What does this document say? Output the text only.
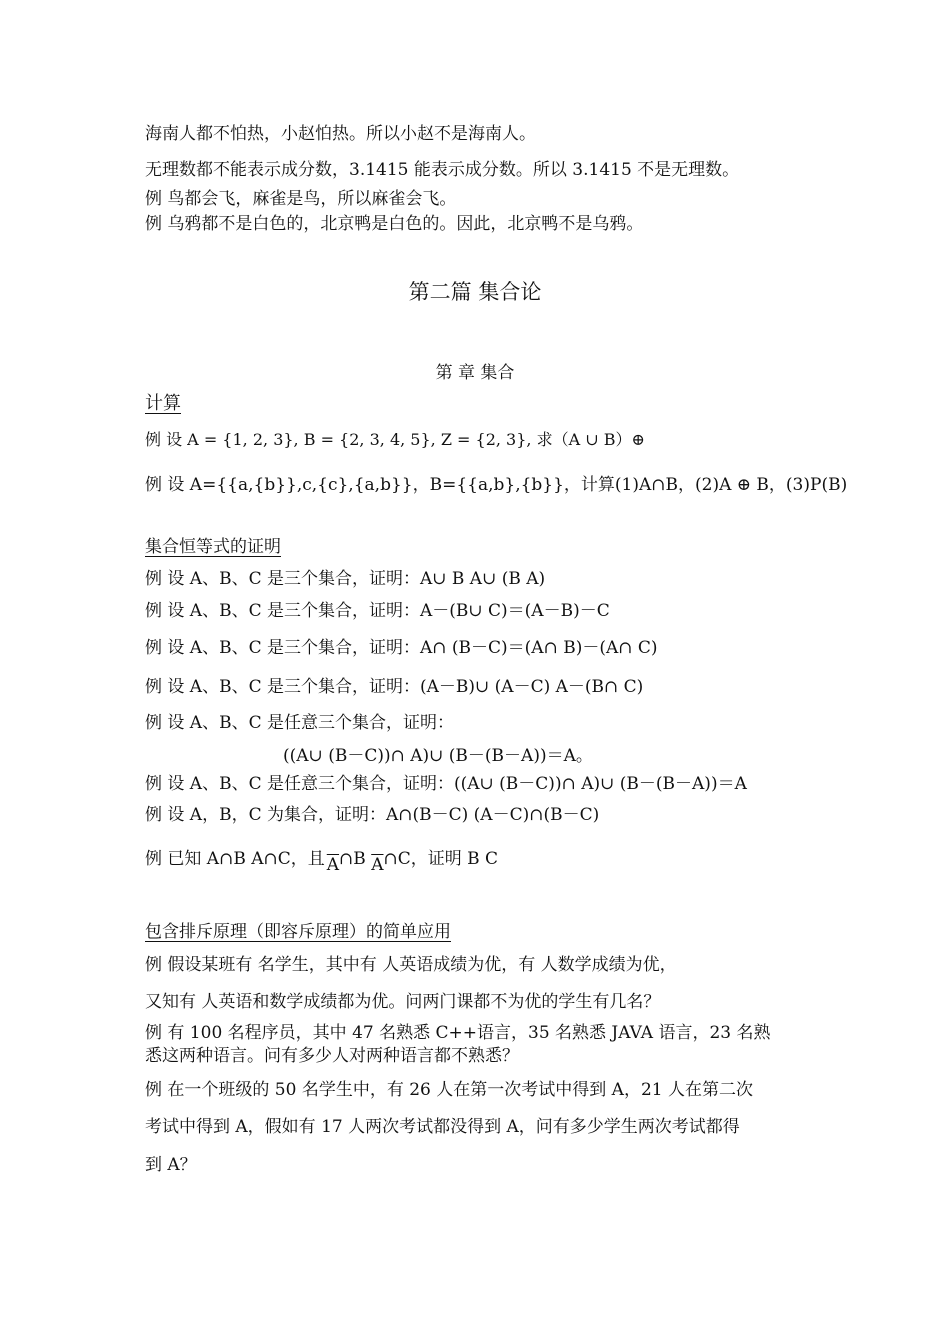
海南人都不怕热，小赵怕热。所以小赵不是海南人。
无理数都不能表示成分数，3.1415 能表示成分数。所以 3.1415 不是无理数。
例 鸟都会飞，麻雀是鸟，所以麻雀会飞。
例 乌鸦都不是白色的，北京鸭是白色的。因此，北京鸭不是乌鸦。
第二篇 集合论
第 章 集合
计算
例 设 A = {1, 2, 3}, B = {2, 3, 4, 5}, Z = {2, 3}, 求（A ∪ B）⊕
例 设 A={{a,{b}},c,{c},{a,b}}，B={{a,b},{b}}，计算(1)A∩B，(2)A ⊕ B，(3)P(B)
集合恒等式的证明
例 设 A、B、C 是三个集合，证明：A∪ B A∪ (B A)
例 设 A、B、C 是三个集合，证明：A－(B∪ C)＝(A－B)－C
例 设 A、B、C 是三个集合，证明：A∩ (B－C)＝(A∩ B)－(A∩ C)
例 设 A、B、C 是三个集合，证明：(A－B)∪ (A－C) A－(B∩ C)
例 设 A、B、C 是任意三个集合，证明：
((A∪ (B－C))∩ A)∪ (B－(B－A))＝A。
例 设 A、B、C 是任意三个集合，证明：((A∪ (B－C))∩ A)∪ (B－(B－A))＝A
例 设 A，B，C 为集合，证明：A∩(B－C) (A－C)∩(B－C)
例 已知 A∩B A∩C，且 $\overline{A}\cap B$ $\overline{A}\cap C$，证明 B C
包含排斥原理（即容斥原理）的简单应用
例 假设某班有 名学生，其中有 人英语成绩为优，有 人数学成绩为优，
又知有 人英语和数学成绩都为优。问两门课都不为优的学生有几名？
例 有 100 名程序员，其中 47 名熟悉 C++语言，35 名熟悉 JAVA 语言，23 名熟
悉这两种语言。问有多少人对两种语言都不熟悉？
例 在一个班级的 50 名学生中，有 26 人在第一次考试中得到 A，21 人在第二次
考试中得到 A，假如有 17 人两次考试都没得到 A，问有多少学生两次考试都得
到 A？
